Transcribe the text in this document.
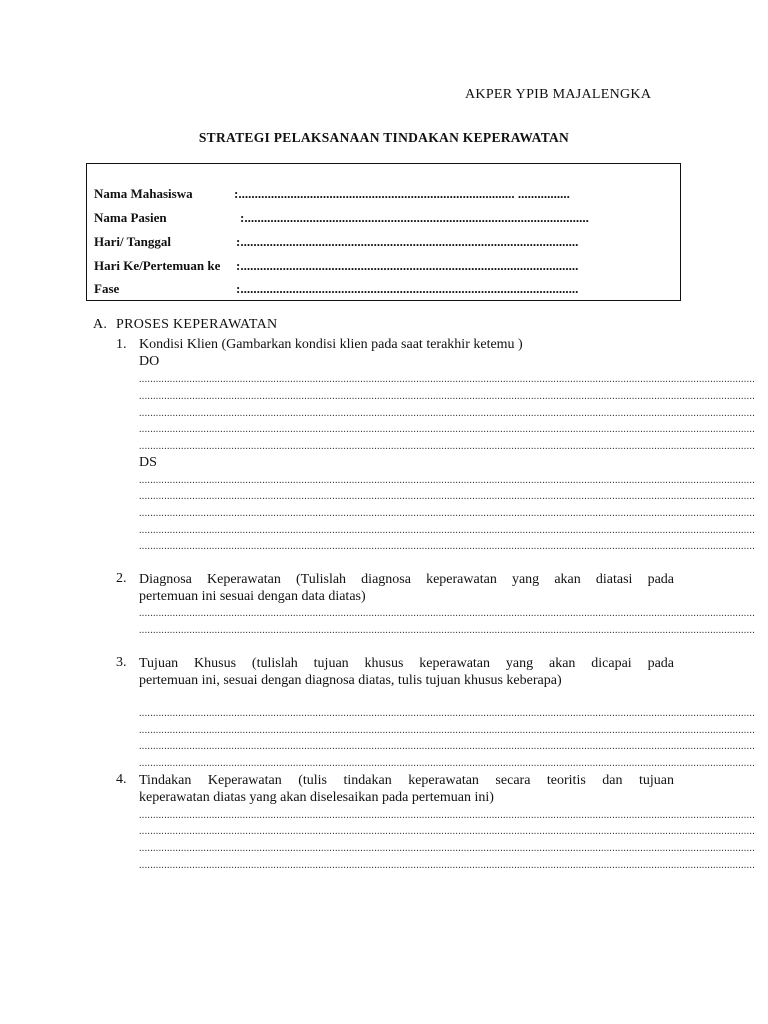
AKPER YPIB MAJALENGKA
STRATEGI PELAKSANAAN TINDAKAN KEPERAWATAN
Nama Mahasiswa	:..................................................................................... ................
Nama Pasien	:..........................................................................................................
Hari/ Tanggal	:........................................................................................................
Hari Ke/Pertemuan ke :........................................................................................................
Fase	:........................................................................................................
A. PROSES KEPERAWATAN
1. Kondisi Klien (Gambarkan kondisi klien pada saat terakhir ketemu )
DO
............................................................................................................................................................................................................................
............................................................................................................................................................................................................................
............................................................................................................................................................................................................................
............................................................................................................................................................................................................................
............................................................................................................................................................................................................................
DS
............................................................................................................................................................................................................................
............................................................................................................................................................................................................................
............................................................................................................................................................................................................................
............................................................................................................................................................................................................................
............................................................................................................................................................................................................................
2. Diagnosa Keperawatan (Tulislah diagnosa keperawatan yang akan diatasi pada
pertemuan ini sesuai dengan data diatas)
............................................................................................................................................................................................................................
............................................................................................................................................................................................................................
3. Tujuan Khusus (tulislah tujuan khusus keperawatan yang akan dicapai pada
pertemuan ini, sesuai dengan diagnosa diatas, tulis tujuan khusus keberapa)
............................................................................................................................................................................................................................
............................................................................................................................................................................................................................
............................................................................................................................................................................................................................
............................................................................................................................................................................................................................
4. Tindakan Keperawatan (tulis tindakan keperawatan secara teoritis dan tujuan
keperawatan diatas yang akan diselesaikan pada pertemuan ini)
............................................................................................................................................................................................................................
............................................................................................................................................................................................................................
............................................................................................................................................................................................................................
............................................................................................................................................................................................................................
